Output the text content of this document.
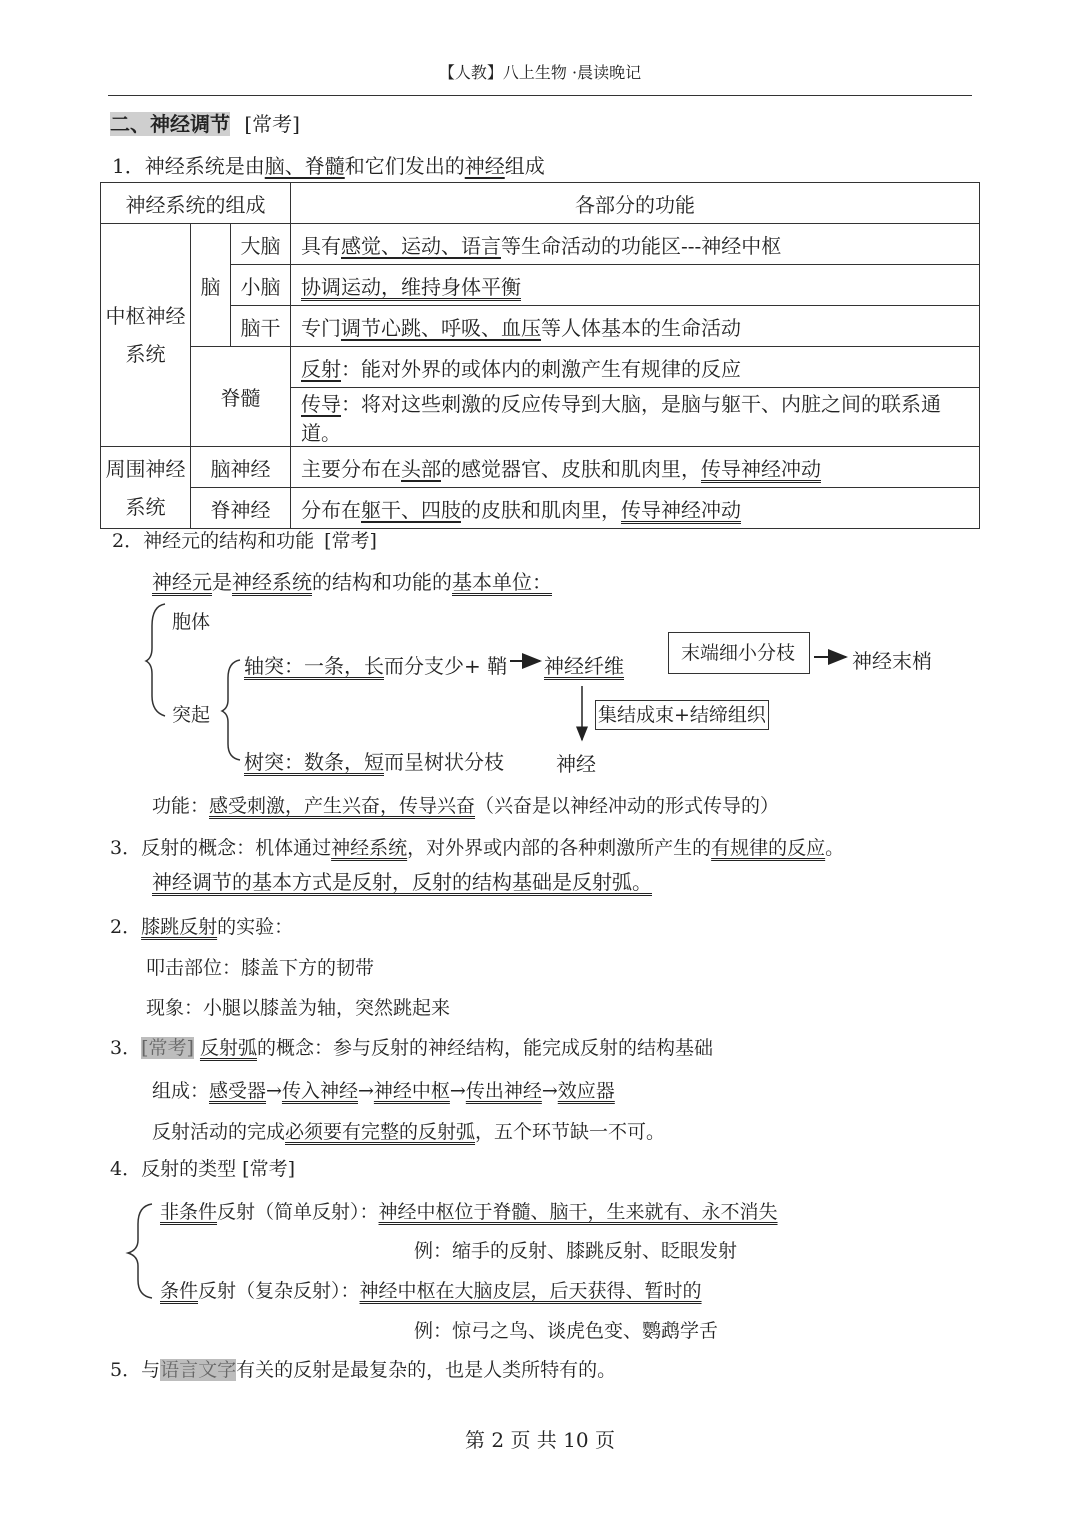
【人教】八上生物 ·晨读晚记
二、神经调节 [常考]
1．神经系统是由脑、脊髓和它们发出的神经组成
神经系统的组成			各部分的功能
中枢神经系统	脑	大脑	具有感觉、运动、语言等生命活动的功能区---神经中枢
		小脑	协调运动，维持身体平衡
		脑干	专门调节心跳、呼吸、血压等人体基本的生命活动
	脊髓		反射：能对外界的或体内的刺激产生有规律的反应
			传导：将对这些刺激的反应传导到大脑，是脑与躯干、内脏之间的联系通道。
周围神经系统	脑神经		主要分布在头部的感觉器官、皮肤和肌肉里，传导神经冲动
	脊神经		分布在躯干、四肢的皮肤和肌肉里，传导神经冲动
2．神经元的结构和功能 [常考]
神经元是神经系统的结构和功能的基本单位：
胞体
突起
轴突：一条，长而分支少+ 鞘 神经纤维
末端细小分枝	神经末梢
集结成束+结缔组织
树突：数条，短而呈树状分枝	神经
功能：感受刺激，产生兴奋，传导兴奋（兴奋是以神经冲动的形式传导的）
3．反射的概念：机体通过神经系统，对外界或内部的各种刺激所产生的有规律的反应。
神经调节的基本方式是反射，反射的结构基础是反射弧。
2．膝跳反射的实验：
叩击部位：膝盖下方的韧带
现象：小腿以膝盖为轴，突然跳起来
3．[常考] 反射弧的概念：参与反射的神经结构，能完成反射的结构基础
组成：感受器→传入神经→神经中枢→传出神经→效应器
反射活动的完成必须要有完整的反射弧，五个环节缺一不可。
4．反射的类型 [常考]
非条件反射（简单反射）：神经中枢位于脊髓、脑干，生来就有、永不消失
例：缩手的反射、膝跳反射、眨眼发射
条件反射（复杂反射）：神经中枢在大脑皮层，后天获得、暂时的
例：惊弓之鸟、谈虎色变、鹦鹉学舌
5．与语言文字有关的反射是最复杂的，也是人类所特有的。
第 2 页 共 10 页
